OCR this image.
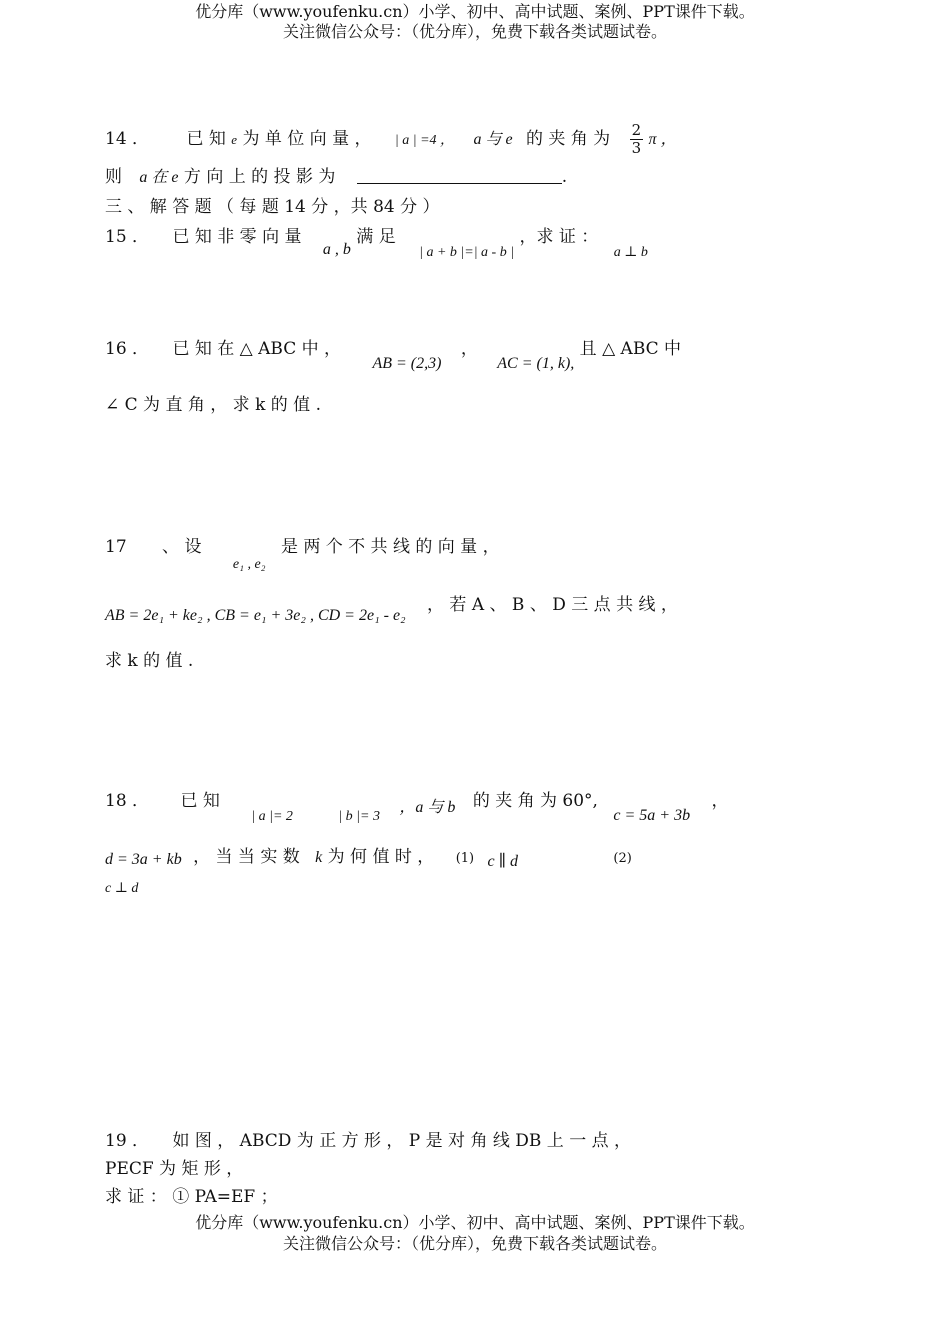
优分库（www.youfenku.cn）小学、初中、高中试题、案例、PPT课件下载。
关注微信公众号：（优分库），免费下载各类试题试卷。
14 ． 已 知 e 为 单 位 向 量 ， | a | =4 ， a 与 e 的 夹 角 为 $\frac{2}{3}$ π ，
则 a 在 e 方 向 上 的 投 影 为	.
三 、 解 答 题 （ 每 题 14 分 ，共 84 分 ）
15 ． 已 知 非 零 向 量 a , b 满 足 $_{| a + b |=| a - b |}$ ，求 证 ： $_{a \perp b}$
16 ． 已 知 在 △ ABC 中 ， AB = (2,3) ， AC = (1, k), 且 △ ABC 中
∠ C 为 直 角 ， 求 k 的 值 .
17 、 设 $_{e_1 , e_2}$ 是 两 个 不 共 线 的 向 量 ，
AB = 2e₁ + ke₂ , CB = e₁ + 3e₂ , CD = 2e₁ - e₂ ， 若 A 、 B 、 D 三 点 共 线 ，
求 k 的 值 .
18 ． 已 知 $_{| a |= 2}$	$_{| b |= 3}$ ，a 与 b 的 夹 角 为 60°, c = 5a + 3b ，
d = 3a + kb ， 当 当 实 数 k 为 何 值 时 ， (1) c ∥ d	(2)
c ⊥ d
19 ． 如 图 ， ABCD 为 正 方 形 ， P 是 对 角 线 DB 上 一 点 ，
PECF 为 矩 形 ，
求 证 ： ① PA=EF ；
优分库（www.youfenku.cn）小学、初中、高中试题、案例、PPT课件下载。
关注微信公众号：（优分库），免费下载各类试题试卷。
